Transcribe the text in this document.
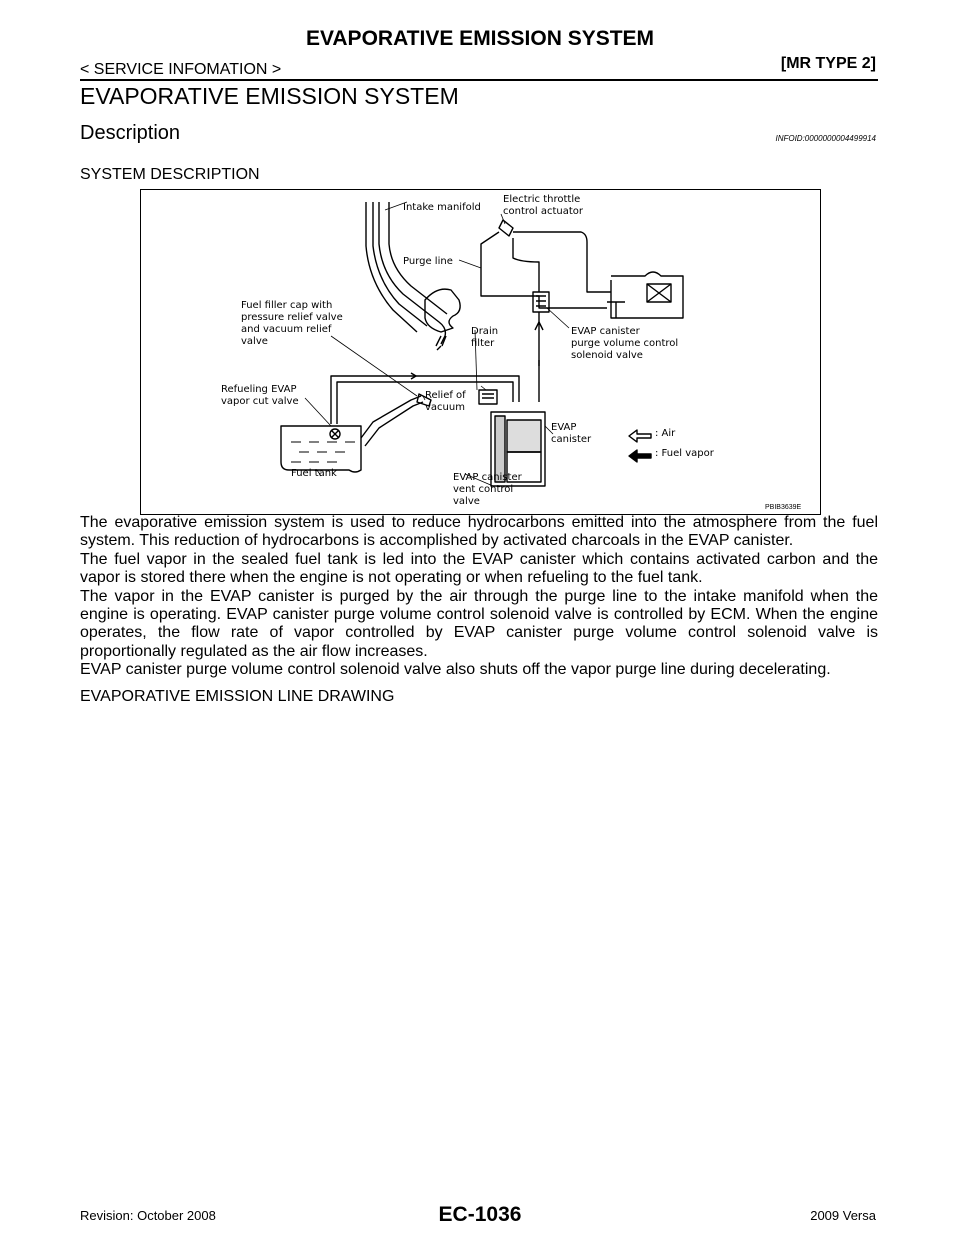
EVAPORATIVE EMISSION SYSTEM
< SERVICE INFOMATION >	[MR TYPE 2]
EVAPORATIVE EMISSION SYSTEM
Description	INFOID:0000000004499914
SYSTEM DESCRIPTION
Intake manifold
Electric throttle
control actuator
Purge line
Fuel filler cap with
pressure relief valve
and vacuum relief
valve
Drain
filter
EVAP canister
purge volume control
solenoid valve
Refueling EVAP
vapor cut valve
Relief of
vacuum
EVAP
canister
: Air
: Fuel vapor
Fuel tank	EVAP canister
vent control
valve
PBIB3639E

The evaporative emission system is used to reduce hydrocarbons emitted into the atmosphere from the fuel system. This reduction of hydrocarbons is accomplished by activated charcoals in the EVAP canister.

The fuel vapor in the sealed fuel tank is led into the EVAP canister which contains activated carbon and the vapor is stored there when the engine is not operating or when refueling to the fuel tank.

The vapor in the EVAP canister is purged by the air through the purge line to the intake manifold when the engine is operating. EVAP canister purge volume control solenoid valve is controlled by ECM. When the engine operates, the flow rate of vapor controlled by EVAP canister purge volume control solenoid valve is proportionally regulated as the air flow increases.

EVAP canister purge volume control solenoid valve also shuts off the vapor purge line during decelerating.

EVAPORATIVE EMISSION LINE DRAWING
Revision: October 2008	EC-1036	2009 Versa
